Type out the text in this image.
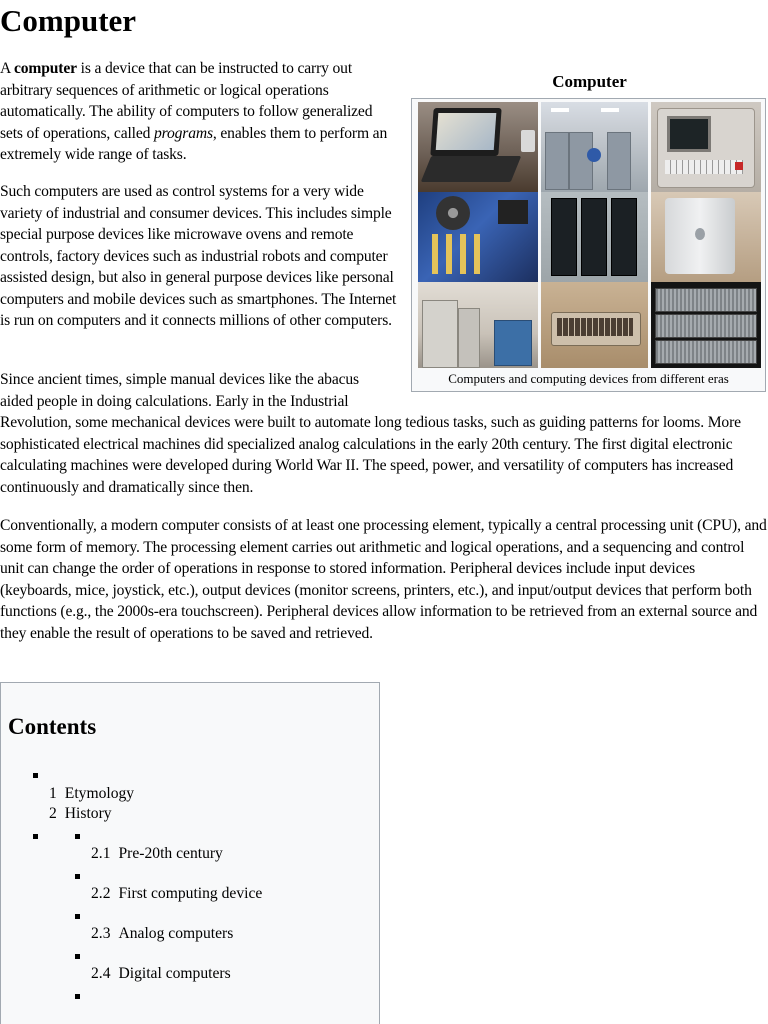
Computer

A computer is a device that can be instructed to carry out arbitrary sequences of arithmetic or logical operations automatically. The ability of computers to follow generalized sets of operations, called programs, enables them to perform an extremely wide range of tasks.

Such computers are used as control systems for a very wide variety of industrial and consumer devices. This includes simple special purpose devices like microwave ovens and remote controls, factory devices such as industrial robots and computer assisted design, but also in general purpose devices like personal computers and mobile devices such as smartphones. The Internet is run on computers and it connects millions of other computers.

Since ancient times, simple manual devices like the abacus aided people in doing calculations. Early in the Industrial Revolution, some mechanical devices were built to automate long tedious tasks, such as guiding patterns for looms. More sophisticated electrical machines did specialized analog calculations in the early 20th century. The first digital electronic calculating machines were developed during World War II. The speed, power, and versatility of computers has increased continuously and dramatically since then.

Conventionally, a modern computer consists of at least one processing element, typically a central processing unit (CPU), and some form of memory. The processing element carries out arithmetic and logical operations, and a sequencing and control unit can change the order of operations in response to stored information. Peripheral devices include input devices (keyboards, mice, joystick, etc.), output devices (monitor screens, printers, etc.), and input/output devices that perform both functions (e.g., the 2000s-era touchscreen). Peripheral devices allow information to be retrieved from an external source and they enable the result of operations to be saved and retrieved.

Computer
Computers and computing devices from different eras
Contents
1 Etymology
2 History
2.1 Pre-20th century
2.2 First computing device
2.3 Analog computers
2.4 Digital computers
